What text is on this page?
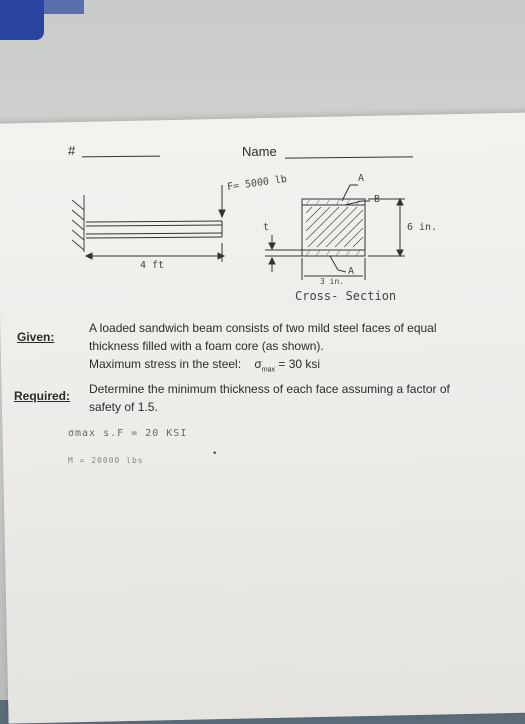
#	Name
F= 5000 lb
4 ft
t
A
B
A
6 in.
3 in.
Cross- Section
Given:
A loaded sandwich beam consists of two mild steel faces of equal
thickness filled with a foam core (as shown).
Maximum stress in the steel: $\sigma_{max} = 30$ ksi
Required: Determine the minimum thickness of each face assuming a factor of
safety of 1.5.
σmax s.F = 20 KSI
M = 20000 lbs
•
